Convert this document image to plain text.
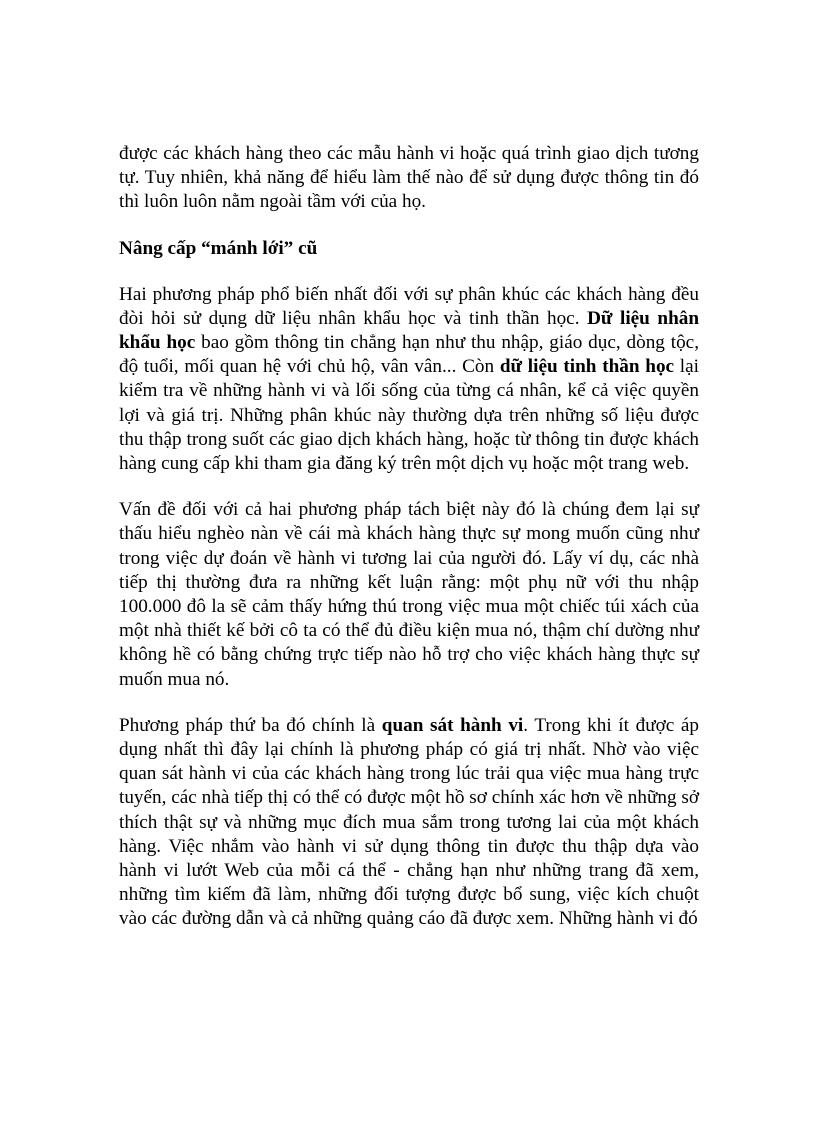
được các khách hàng theo các mẫu hành vi hoặc quá trình giao dịch tương tự. Tuy nhiên, khả năng để hiểu làm thế nào để sử dụng được thông tin đó thì luôn luôn nằm ngoài tầm với của họ.

Nâng cấp “mánh lới” cũ

Hai phương pháp phổ biến nhất đối với sự phân khúc các khách hàng đều đòi hỏi sử dụng dữ liệu nhân khẩu học và tinh thần học. Dữ liệu nhân khẩu học bao gồm thông tin chẳng hạn như thu nhập, giáo dục, dòng tộc, độ tuổi, mối quan hệ với chủ hộ, vân vân... Còn dữ liệu tinh thần học lại kiểm tra về những hành vi và lối sống của từng cá nhân, kể cả việc quyền lợi và giá trị. Những phân khúc này thường dựa trên những số liệu được thu thập trong suốt các giao dịch khách hàng, hoặc từ thông tin được khách hàng cung cấp khi tham gia đăng ký trên một dịch vụ hoặc một trang web.

Vấn đề đối với cả hai phương pháp tách biệt này đó là chúng đem lại sự thấu hiểu nghèo nàn về cái mà khách hàng thực sự mong muốn cũng như trong việc dự đoán về hành vi tương lai của người đó. Lấy ví dụ, các nhà tiếp thị thường đưa ra những kết luận rằng: một phụ nữ với thu nhập 100.000 đô la sẽ cảm thấy hứng thú trong việc mua một chiếc túi xách của một nhà thiết kế bởi cô ta có thể đủ điều kiện mua nó, thậm chí dường như không hề có bằng chứng trực tiếp nào hỗ trợ cho việc khách hàng thực sự muốn mua nó.

Phương pháp thứ ba đó chính là quan sát hành vi. Trong khi ít được áp dụng nhất thì đây lại chính là phương pháp có giá trị nhất. Nhờ vào việc quan sát hành vi của các khách hàng trong lúc trải qua việc mua hàng trực tuyến, các nhà tiếp thị có thể có được một hồ sơ chính xác hơn về những sở thích thật sự và những mục đích mua sắm trong tương lai của một khách hàng. Việc nhắm vào hành vi sử dụng thông tin được thu thập dựa vào hành vi lướt Web của mỗi cá thể - chẳng hạn như những trang đã xem, những tìm kiếm đã làm, những đối tượng được bổ sung, việc kích chuột vào các đường dẫn và cả những quảng cáo đã được xem. Những hành vi đó
